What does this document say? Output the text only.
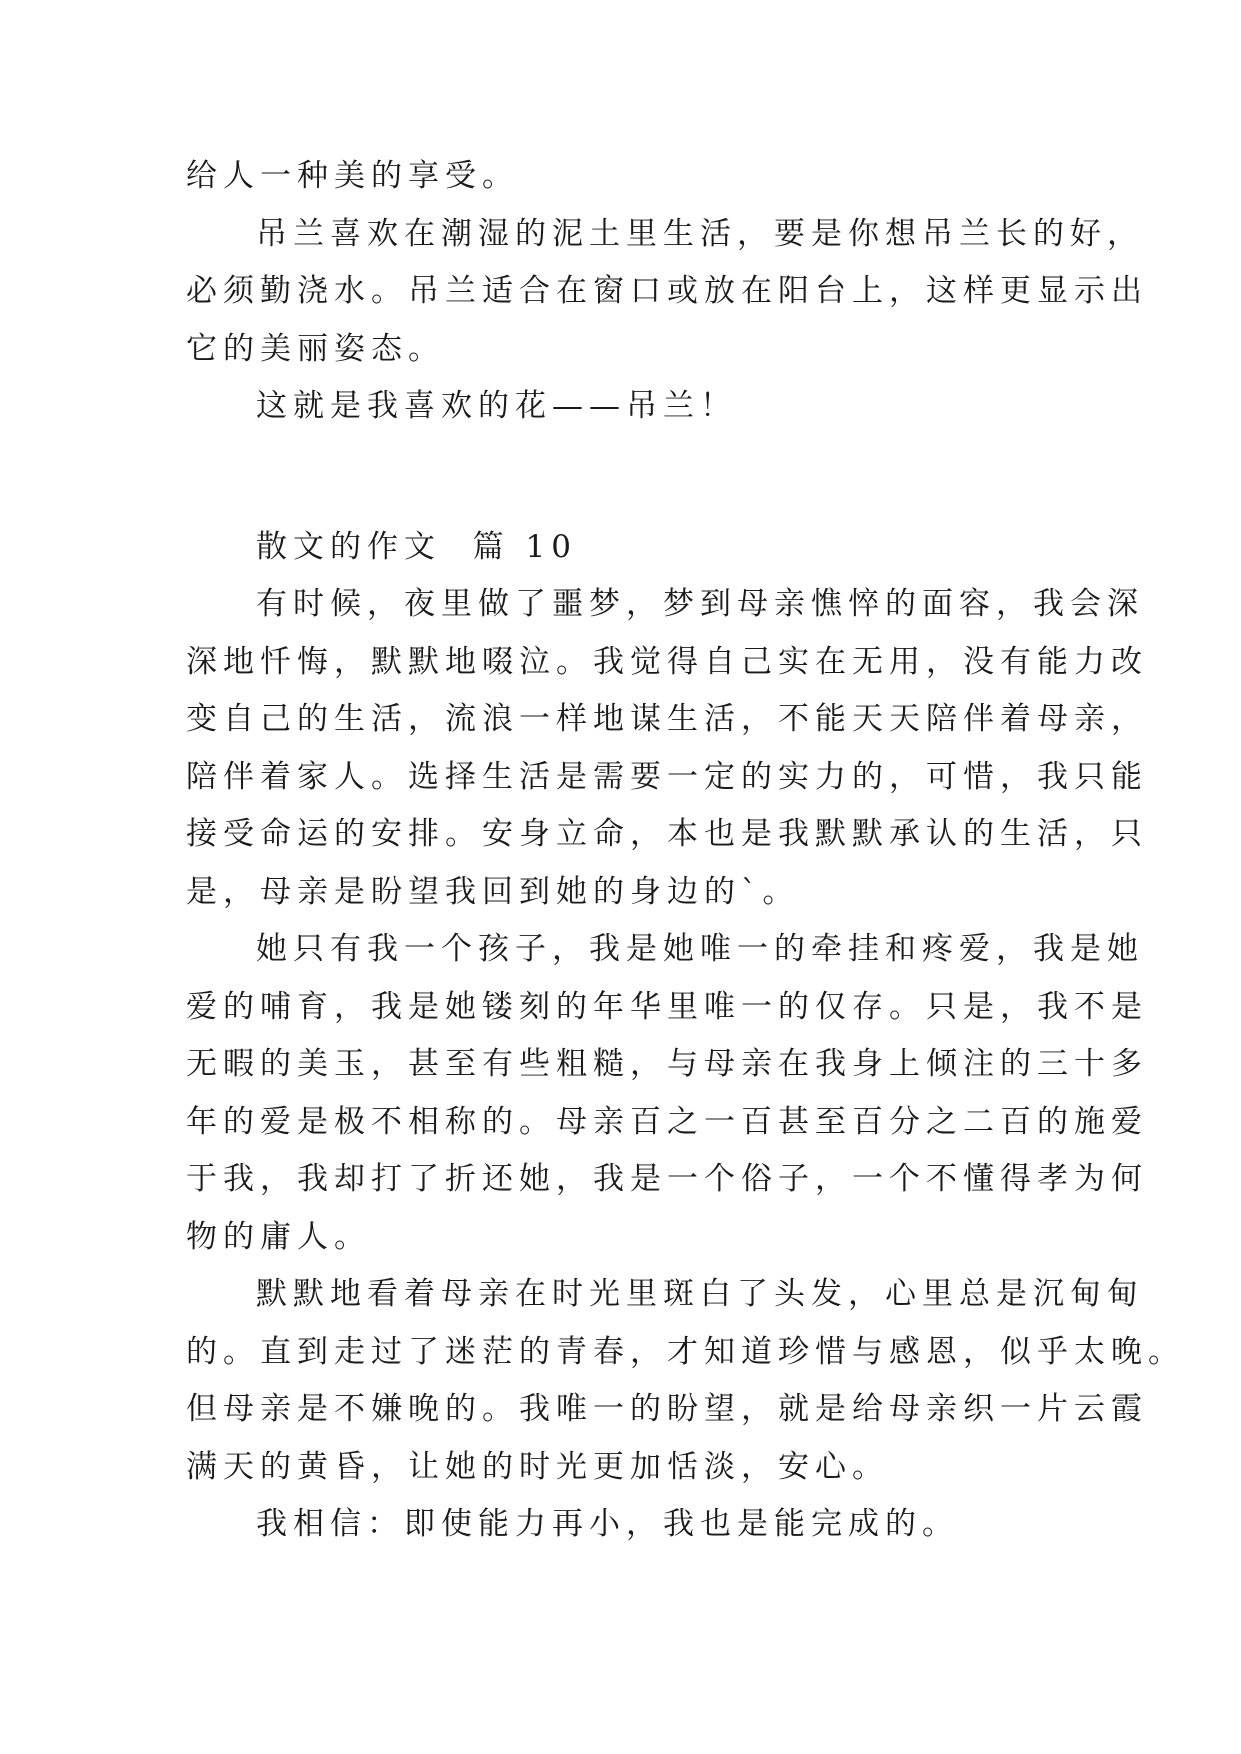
给人一种美的享受。
吊兰喜欢在潮湿的泥土里生活，要是你想吊兰长的好，
必须勤浇水。吊兰适合在窗口或放在阳台上，这样更显示出
它的美丽姿态。
这就是我喜欢的花——吊兰！
散文的作文  篇 10
有时候，夜里做了噩梦，梦到母亲憔悴的面容，我会深
深地忏悔，默默地啜泣。我觉得自己实在无用，没有能力改
变自己的生活，流浪一样地谋生活，不能天天陪伴着母亲，
陪伴着家人。选择生活是需要一定的实力的，可惜，我只能
接受命运的安排。安身立命，本也是我默默承认的生活，只
是，母亲是盼望我回到她的身边的`。
她只有我一个孩子，我是她唯一的牵挂和疼爱，我是她
爱的哺育，我是她镂刻的年华里唯一的仅存。只是，我不是
无暇的美玉，甚至有些粗糙，与母亲在我身上倾注的三十多
年的爱是极不相称的。母亲百之一百甚至百分之二百的施爱
于我，我却打了折还她，我是一个俗子，一个不懂得孝为何
物的庸人。
默默地看着母亲在时光里斑白了头发，心里总是沉甸甸
的。直到走过了迷茫的青春，才知道珍惜与感恩，似乎太晚。
但母亲是不嫌晚的。我唯一的盼望，就是给母亲织一片云霞
满天的黄昏，让她的时光更加恬淡，安心。
我相信：即使能力再小，我也是能完成的。
